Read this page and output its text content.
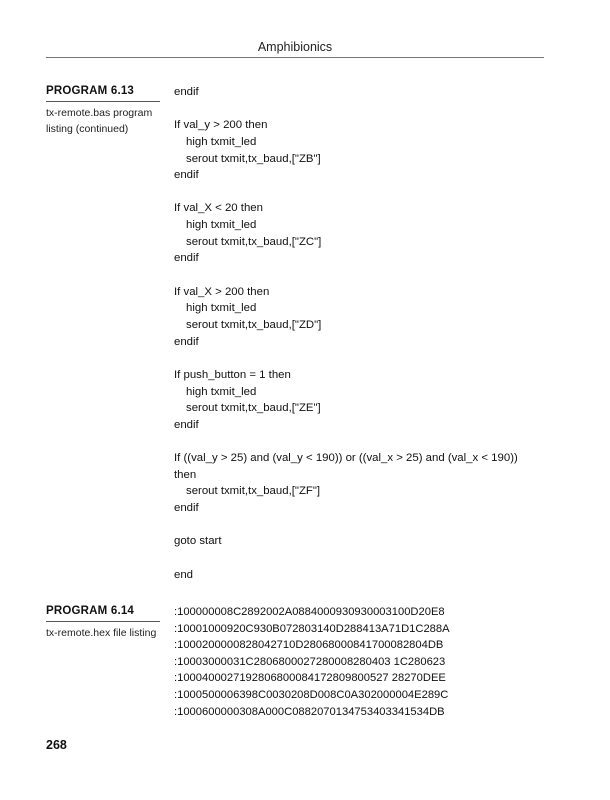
Amphibionics
PROGRAM 6.13
tx-remote.bas program
listing (continued)
endif
If val_y > 200 then
high txmit_led
serout txmit,tx_baud,["ZB"]
endif
If val_X < 20 then
high txmit_led
serout txmit,tx_baud,["ZC"]
endif
If val_X > 200 then
high txmit_led
serout txmit,tx_baud,["ZD"]
endif
If push_button = 1 then
high txmit_led
serout txmit,tx_baud,["ZE"]
endif
If ((val_y > 25) and (val_y < 190)) or ((val_x > 25) and (val_x < 190))
then
serout txmit,tx_baud,["ZF"]
endif
goto start
end
PROGRAM 6.14
tx-remote.hex file listing
:100000008C2892002A0884000930930003100D20E8
:10001000920C930B072803140D288413A71D1C288A
:1000200000828042710D28068000841700082804DB
:10003000031C2806800027280008280403 1C280623
:1000400027192806800084172809800527 28270DEE
:1000500006398C0030208D008C0A302000004E289C
:1000600000308A000C0882070134753403341534DB
268
